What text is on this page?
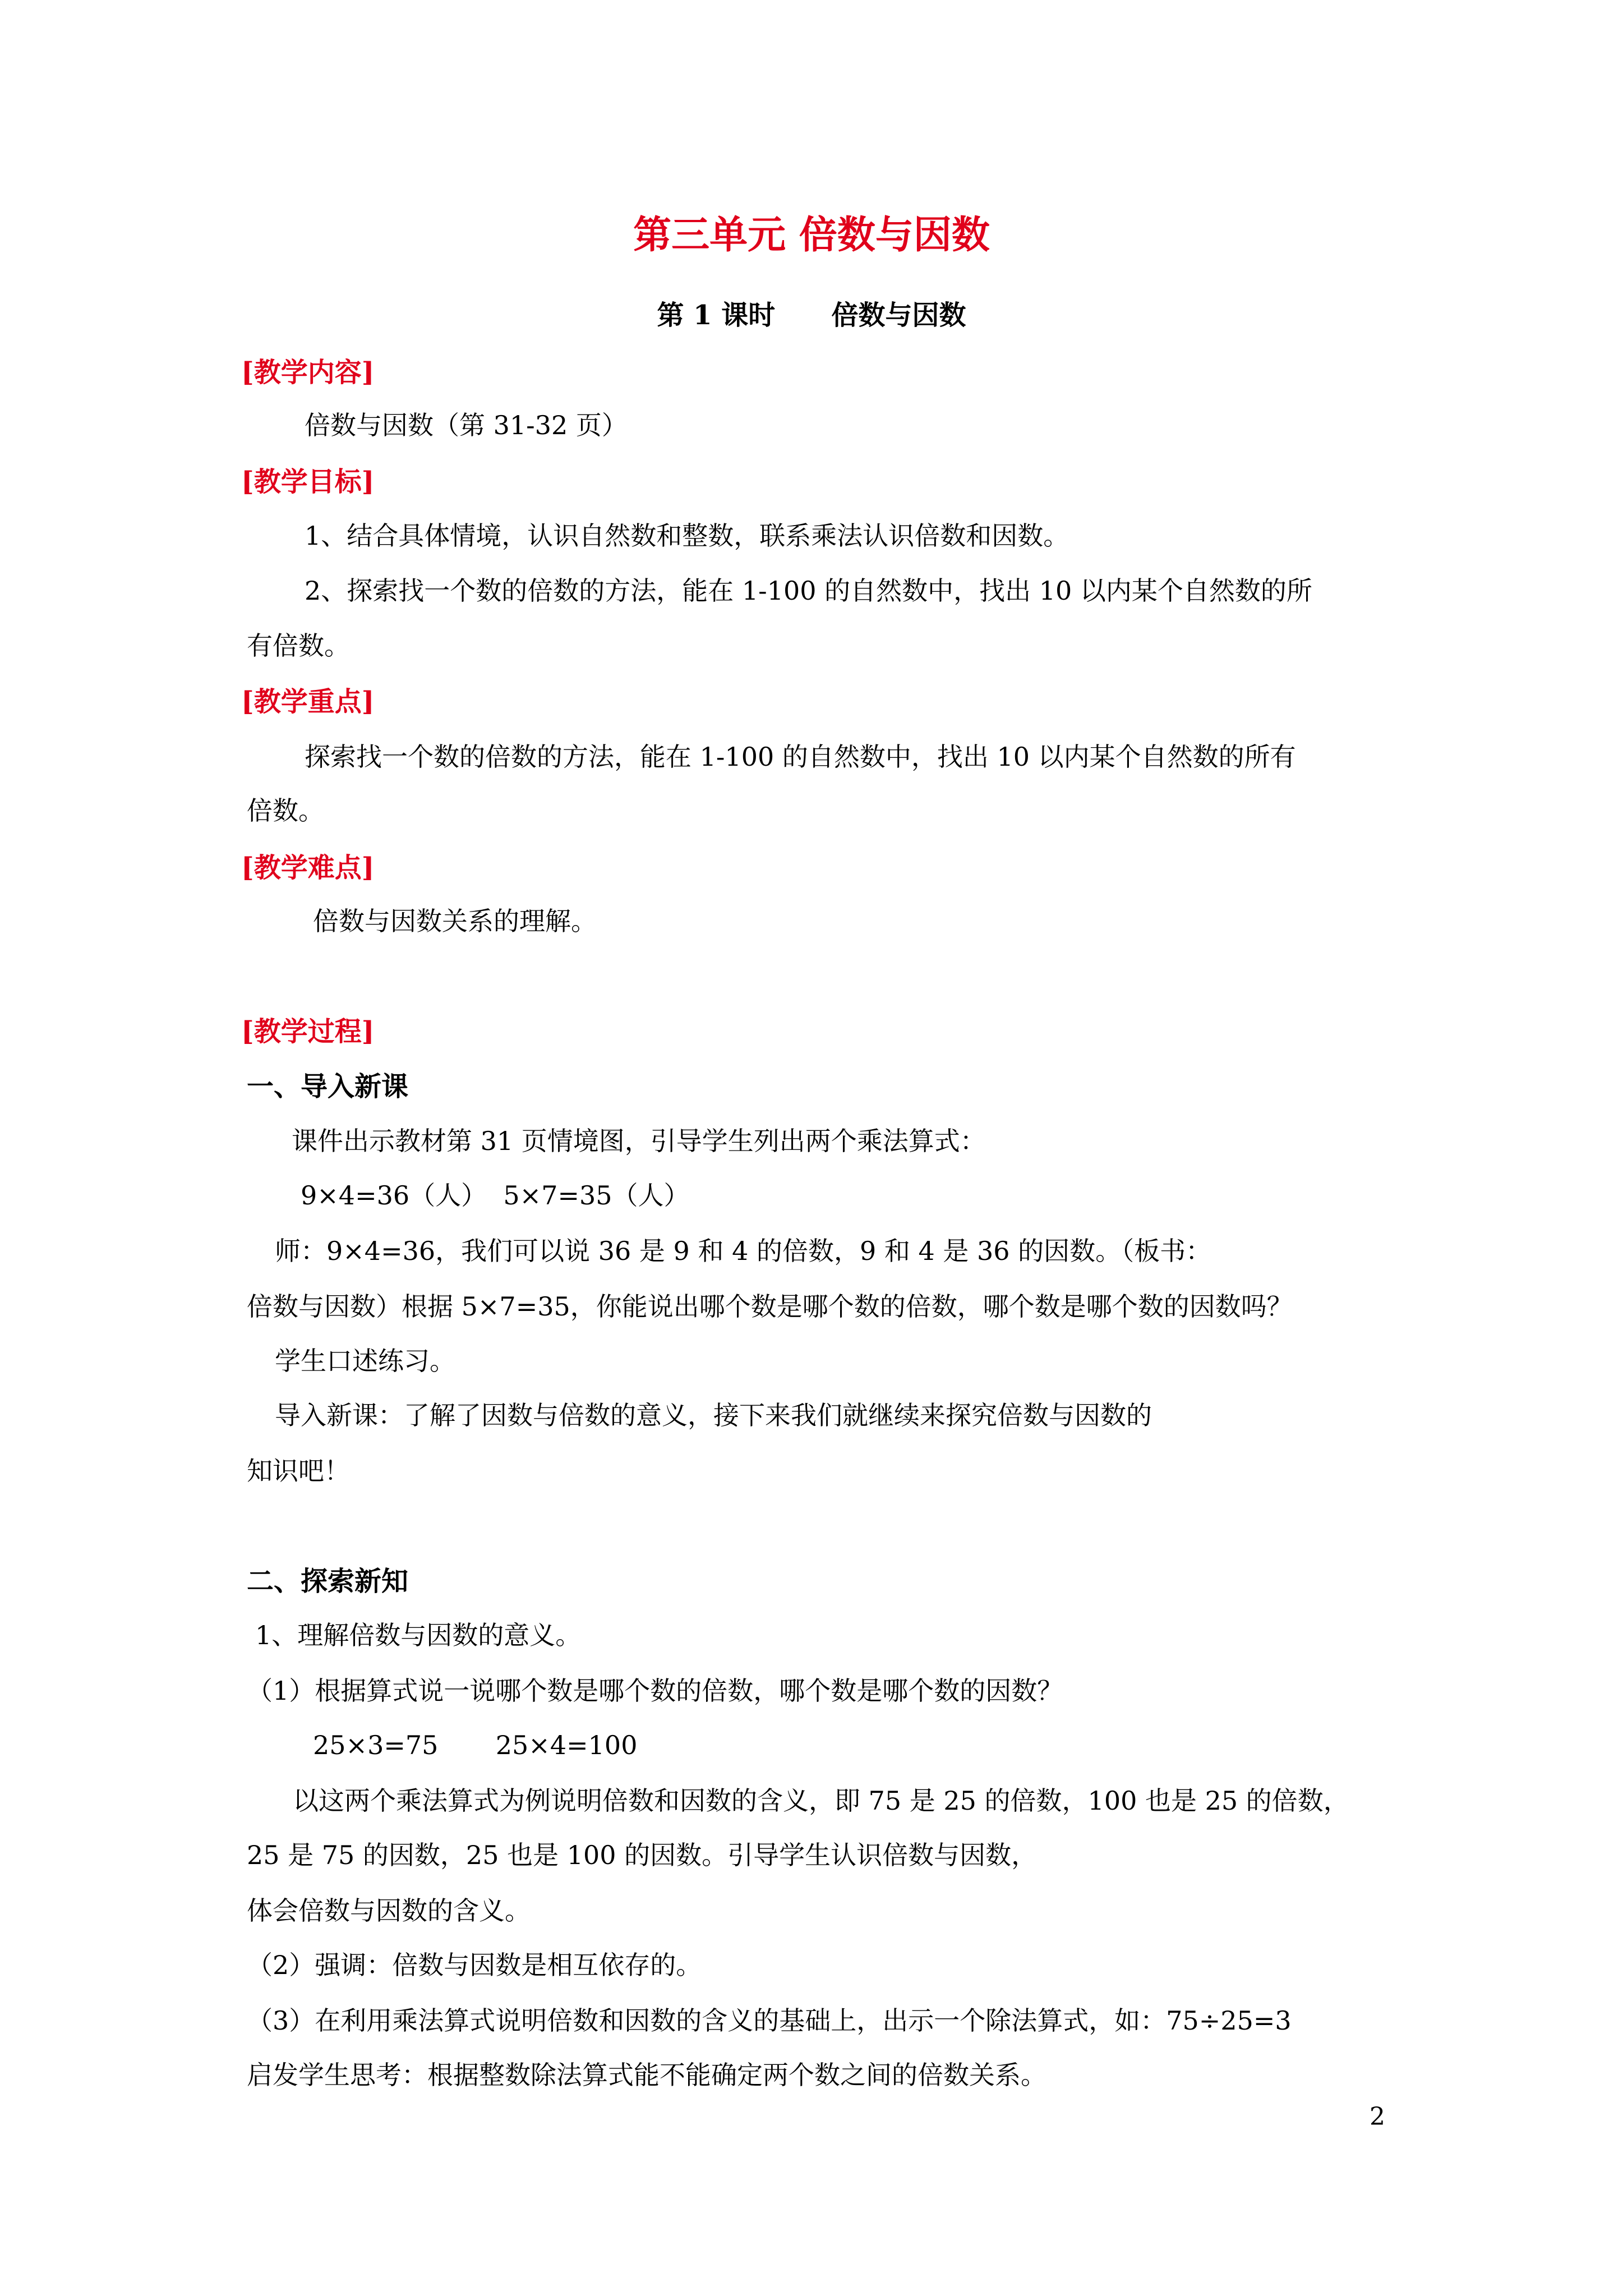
第三单元 倍数与因数
第 1 课时      倍数与因数
[教学内容]
倍数与因数（第 31-32 页）
[教学目标]
1、结合具体情境，认识自然数和整数，联系乘法认识倍数和因数。
2、探索找一个数的倍数的方法，能在 1-100 的自然数中，找出 10 以内某个自然数的所
有倍数。
[教学重点]
探索找一个数的倍数的方法，能在 1-100 的自然数中，找出 10 以内某个自然数的所有
倍数。
[教学难点]
倍数与因数关系的理解。
[教学过程]
一、导入新课
课件出示教材第 31 页情境图，引导学生列出两个乘法算式：
9×4=36（人）  5×7=35（人）
师：9×4=36，我们可以说 36 是 9 和 4 的倍数，9 和 4 是 36 的因数。（板书：
倍数与因数）根据 5×7=35，你能说出哪个数是哪个数的倍数，哪个数是哪个数的因数吗？
学生口述练习。
导入新课：了解了因数与倍数的意义，接下来我们就继续来探究倍数与因数的
知识吧！
二、探索新知
1、理解倍数与因数的意义。
（1）根据算式说一说哪个数是哪个数的倍数，哪个数是哪个数的因数？
25×3=75       25×4=100
以这两个乘法算式为例说明倍数和因数的含义，即 75 是 25 的倍数，100 也是 25 的倍数，
25 是 75 的因数，25 也是 100 的因数。引导学生认识倍数与因数，
体会倍数与因数的含义。
（2）强调：倍数与因数是相互依存的。
（3）在利用乘法算式说明倍数和因数的含义的基础上，出示一个除法算式，如：75÷25=3
启发学生思考：根据整数除法算式能不能确定两个数之间的倍数关系。
2
